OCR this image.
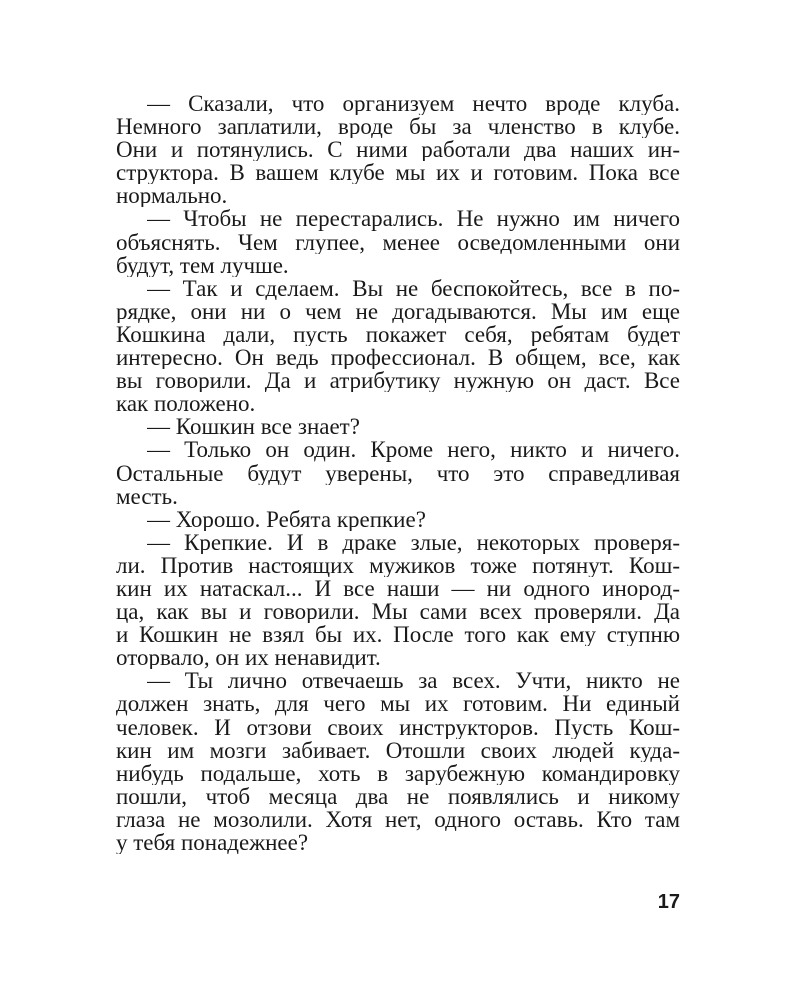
— Сказали, что организуем нечто вроде клуба.
Немного заплатили, вроде бы за членство в клубе.
Они и потянулись. С ними работали два наших ин-
структора. В вашем клубе мы их и готовим. Пока все
нормально.
— Чтобы не перестарались. Не нужно им ничего
объяснять. Чем глупее, менее осведомленными они
будут, тем лучше.
— Так и сделаем. Вы не беспокойтесь, все в по-
рядке, они ни о чем не догадываются. Мы им еще
Кошкина дали, пусть покажет себя, ребятам будет
интересно. Он ведь профессионал. В общем, все, как
вы говорили. Да и атрибутику нужную он даст. Все
как положено.
— Кошкин все знает?
— Только он один. Кроме него, никто и ничего.
Остальные будут уверены, что это справедливая
месть.
— Хорошо. Ребята крепкие?
— Крепкие. И в драке злые, некоторых проверя-
ли. Против настоящих мужиков тоже потянут. Кош-
кин их натаскал... И все наши — ни одного инород-
ца, как вы и говорили. Мы сами всех проверяли. Да
и Кошкин не взял бы их. После того как ему ступню
оторвало, он их ненавидит.
— Ты лично отвечаешь за всех. Учти, никто не
должен знать, для чего мы их готовим. Ни единый
человек. И отзови своих инструкторов. Пусть Кош-
кин им мозги забивает. Отошли своих людей куда-
нибудь подальше, хоть в зарубежную командировку
пошли, чтоб месяца два не появлялись и никому
глаза не мозолили. Хотя нет, одного оставь. Кто там
у тебя понадежнее?
17
